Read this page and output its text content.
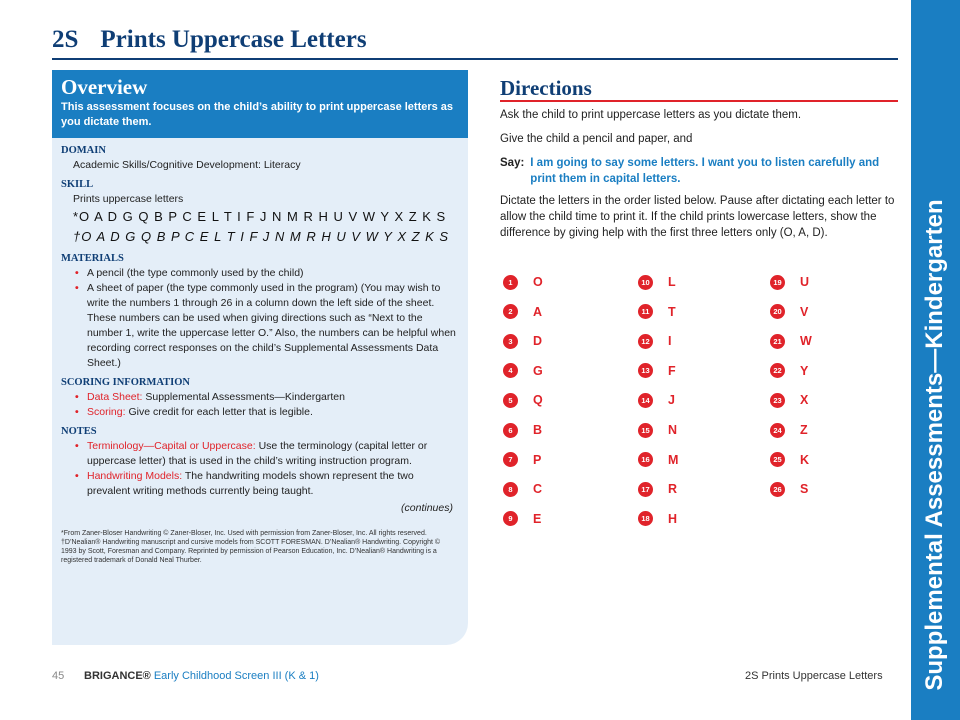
Supplemental Assessments—Kindergarten
2S Prints Uppercase Letters
Overview
This assessment focuses on the child’s ability to print uppercase letters as you dictate them.
DOMAIN
Academic Skills/Cognitive Development: Literacy
SKILL
Prints uppercase letters
*O A D G Q B P C E L T I F J N M R H U V W Y X Z K S
†O A D G Q B P C E L T I F J N M R H U V W Y X Z K S
MATERIALS
• A pencil (the type commonly used by the child)
• A sheet of paper (the type commonly used in the program) (You may wish to write the numbers 1 through 26 in a column down the left side of the sheet. These numbers can be used when giving directions such as “Next to the number 1, write the uppercase letter O.” Also, the numbers can be helpful when recording correct responses on the child’s Supplemental Assessments Data Sheet.)
SCORING INFORMATION
• Data Sheet: Supplemental Assessments—Kindergarten
• Scoring: Give credit for each letter that is legible.
NOTES
• Terminology—Capital or Uppercase: Use the terminology (capital letter or uppercase letter) that is used in the child’s writing instruction program.
• Handwriting Models: The handwriting models shown represent the two prevalent writing methods currently being taught.
(continues)
*From Zaner-Bloser Handwriting © Zaner-Bloser, Inc. Used with permission from Zaner-Bloser, Inc. All rights reserved.
†D’Nealian® Handwriting manuscript and cursive models from SCOTT FORESMAN. D’Nealian® Handwriting. Copyright © 1993 by Scott, Foresman and Company. Reprinted by permission of Pearson Education, Inc. D’Nealian® Handwriting is a registered trademark of Donald Neal Thurber.
Directions

Ask the child to print uppercase letters as you dictate them.

Give the child a pencil and paper, and

Say: I am going to say some letters. I want you to listen carefully and print them in capital letters.

Dictate the letters in the order listed below. Pause after dictating each letter to allow the child time to print it. If the child prints lowercase letters, show the difference by giving help with the first three letters only (O, A, D).

1	O
2	A
3	D
4	G
5	Q
6	B
7	P
8	C
9	E
10 L
11 T
12 I
13 F
14 J
15 N
16 M
17 R
18 H
19 U
20 V
21 W
22 Y
23 X
24 Z
25 K
26 S
45 BRIGANCE® Early Childhood Screen III (K & 1)	2S Prints Uppercase Letters
